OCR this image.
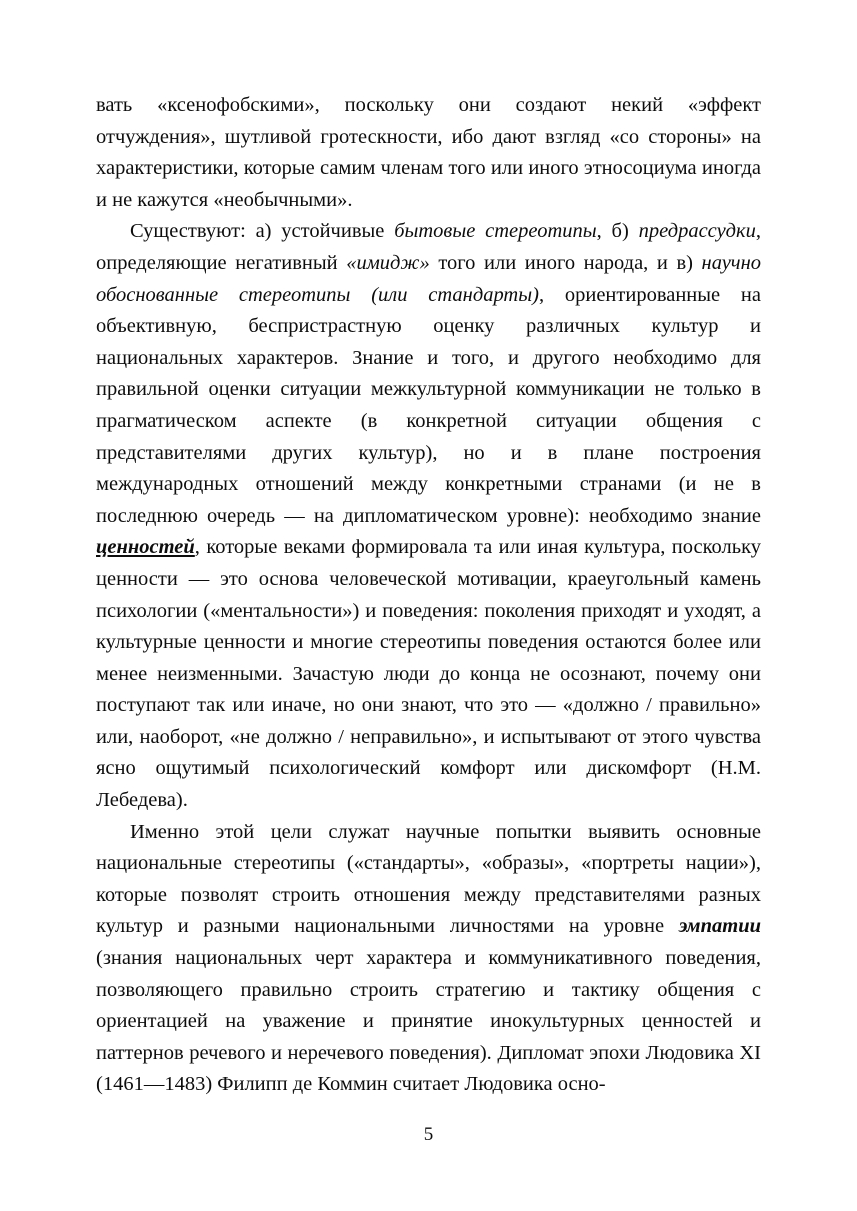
вать «ксенофобскими», поскольку они создают некий «эффект отчуждения», шутливой гротескности, ибо дают взгляд «со стороны» на характеристики, которые самим членам того или иного этносоциума иногда и не кажутся «необычными».

Существуют: а) устойчивые бытовые стереотипы, б) предрассудки, определяющие негативный «имидж» того или иного народа, и в) научно обоснованные стереотипы (или стандарты), ориентированные на объективную, беспристрастную оценку различных культур и национальных характеров. Знание и того, и другого необходимо для правильной оценки ситуации межкультурной коммуникации не только в прагматическом аспекте (в конкретной ситуации общения с представителями других культур), но и в плане построения международных отношений между конкретными странами (и не в последнюю очередь — на дипломатическом уровне): необходимо знание ценностей, которые веками формировала та или иная культура, поскольку ценности — это основа человеческой мотивации, краеугольный камень психологии («ментальности») и поведения: поколения приходят и уходят, а культурные ценности и многие стереотипы поведения остаются более или менее неизменными. Зачастую люди до конца не осознают, почему они поступают так или иначе, но они знают, что это — «должно / правильно» или, наоборот, «не должно / неправильно», и испытывают от этого чувства ясно ощутимый психологический комфорт или дискомфорт (Н.М. Лебедева).

Именно этой цели служат научные попытки выявить основные национальные стереотипы («стандарты», «образы», «портреты нации»), которые позволят строить отношения между представителями разных культур и разными национальными личностями на уровне эмпатии (знания национальных черт характера и коммуникативного поведения, позволяющего правильно строить стратегию и тактику общения с ориентацией на уважение и принятие инокультурных ценностей и паттернов речевого и неречевого поведения). Дипломат эпохи Людовика XI (1461—1483) Филипп де Коммин считает Людовика осно-

5
